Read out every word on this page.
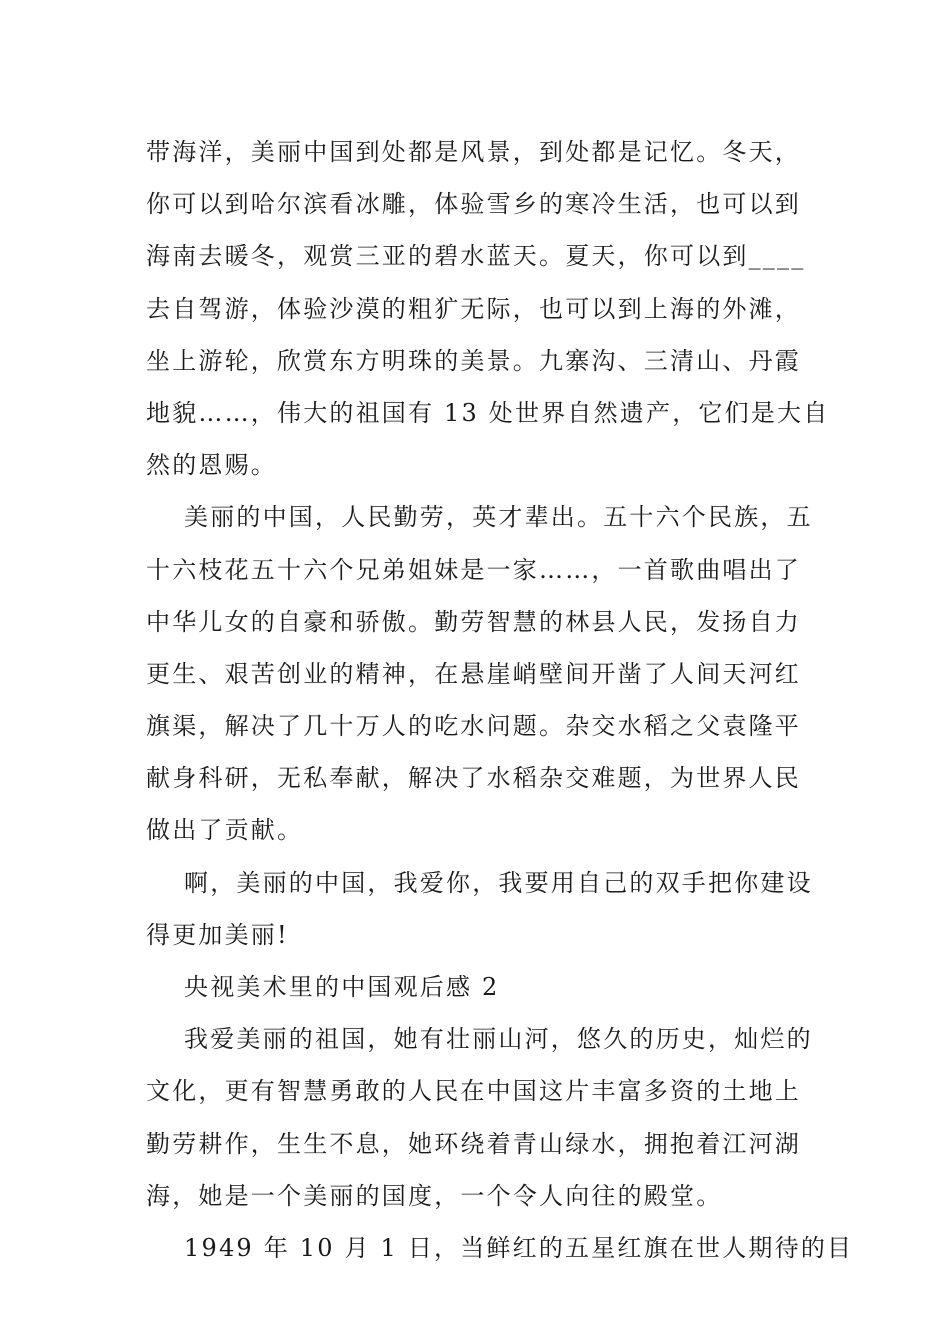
带海洋，美丽中国到处都是风景，到处都是记忆。冬天，
你可以到哈尔滨看冰雕，体验雪乡的寒冷生活，也可以到
海南去暖冬，观赏三亚的碧水蓝天。夏天，你可以到____
去自驾游，体验沙漠的粗犷无际，也可以到上海的外滩，
坐上游轮，欣赏东方明珠的美景。九寨沟、三清山、丹霞
地貌……，伟大的祖国有 13 处世界自然遗产，它们是大自
然的恩赐。
美丽的中国，人民勤劳，英才辈出。五十六个民族，五
十六枝花五十六个兄弟姐妹是一家……，一首歌曲唱出了
中华儿女的自豪和骄傲。勤劳智慧的林县人民，发扬自力
更生、艰苦创业的精神，在悬崖峭壁间开凿了人间天河红
旗渠，解决了几十万人的吃水问题。杂交水稻之父袁隆平
献身科研，无私奉献，解决了水稻杂交难题，为世界人民
做出了贡献。
啊，美丽的中国，我爱你，我要用自己的双手把你建设
得更加美丽!
央视美术里的中国观后感 2
我爱美丽的祖国，她有壮丽山河，悠久的历史，灿烂的
文化，更有智慧勇敢的人民在中国这片丰富多资的土地上
勤劳耕作，生生不息，她环绕着青山绿水，拥抱着江河湖
海，她是一个美丽的国度，一个令人向往的殿堂。
1949 年 10 月 1 日，当鲜红的五星红旗在世人期待的目
